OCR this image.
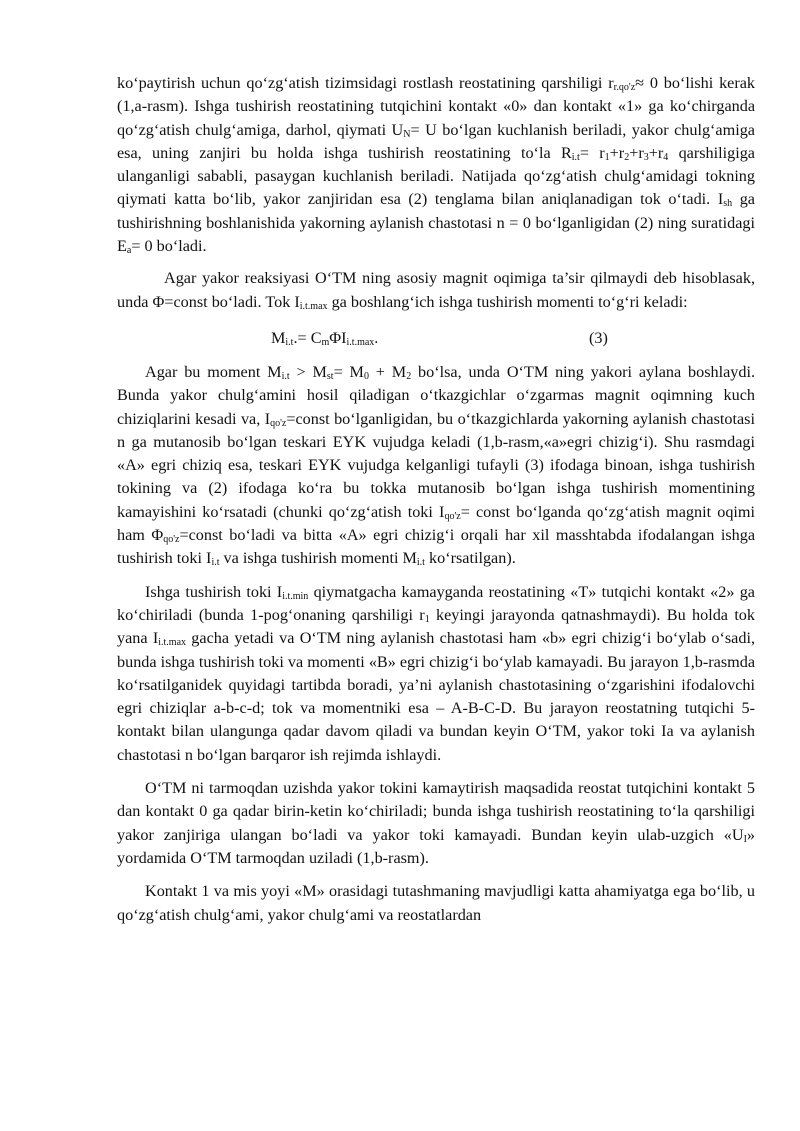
ko‘paytirish uchun qo‘zg‘atish tizimsidagi rostlash reostatining qarshiligi $r_{r.qo'z}\approx 0$ bo‘lishi kerak (1,a-rasm). Ishga tushirish reostatining tutqichini kontakt «0» dan kontakt «1» ga ko‘chirganda qo‘zg‘atish chulg‘amiga, darhol, qiymati $U_N= U$ bo‘lgan kuchlanish beriladi, yakor chulg‘amiga esa, uning zanjiri bu holda ishga tushirish reostatining to‘la $R_{i.t}= r_1+r_2+r_3+r_4$ qarshiligiga ulanganligi sababli, pasaygan kuchlanish beriladi. Natijada qo‘zg‘atish chulg‘amidagi tokning qiymati katta bo‘lib, yakor zanjiridan esa (2) tenglama bilan aniqlanadigan tok o‘tadi. $I_{sh}$ ga tushirishning boshlanishida yakorning aylanish chastotasi n = 0 bo‘lganligidan (2) ning suratidagi $E_a= 0$ bo‘ladi.

Agar yakor reaksiyasi O‘TM ning asosiy magnit oqimiga ta’sir qilmaydi deb hisoblasak, unda Φ=const bo‘ladi. Tok $I_{i.t.max}$ ga boshlang‘ich ishga tushirish momenti to‘g‘ri keladi:

$M_{i.t}.= C_m\Phi I_{i.t.max}$.	(3)

Agar bu moment $M_{i.t} > M_{st}= M_0 + M_2$ bo‘lsa, unda O‘TM ning yakori aylana boshlaydi. Bunda yakor chulg‘amini hosil qiladigan o‘tkazgichlar o‘zgarmas magnit oqimning kuch chiziqlarini kesadi va, $I_{qo'z}=const$ bo‘lganligidan, bu o‘tkazgichlarda yakorning aylanish chastotasi n ga mutanosib bo‘lgan teskari EYK vujudga keladi (1,b-rasm,«a»egri chizig‘i). Shu rasmdagi «A» egri chiziq esa, teskari EYK vujudga kelganligi tufayli (3) ifodaga binoan, ishga tushirish tokining va (2) ifodaga ko‘ra bu tokka mutanosib bo‘lgan ishga tushirish momentining kamayishini ko‘rsatadi (chunki qo‘zg‘atish toki $I_{qo'z}=$ const bo‘lganda qo‘zg‘atish magnit oqimi ham $\Phi_{qo'z}=const$ bo‘ladi va bitta «A» egri chizig‘i orqali har xil masshtabda ifodalangan ishga tushirish toki $I_{i.t}$ va ishga tushirish momenti $M_{i.t}$ ko‘rsatilgan).

Ishga tushirish toki $I_{i.t.min}$ qiymatgacha kamayganda reostatining «T» tutqichi kontakt «2» ga ko‘chiriladi (bunda 1-pog‘onaning qarshiligi $r_1$ keyingi jarayonda qatnashmaydi). Bu holda tok yana $I_{i.t.max}$ gacha yetadi va O‘TM ning aylanish chastotasi ham «b» egri chizig‘i bo‘ylab o‘sadi, bunda ishga tushirish toki va momenti «B» egri chizig‘i bo‘ylab kamayadi. Bu jarayon 1,b-rasmda ko‘rsatilganidek quyidagi tartibda boradi, ya’ni aylanish chastotasining o‘zgarishini ifodalovchi egri chiziqlar a-b-c-d; tok va momentniki esa – A-B-C-D. Bu jarayon reostatning tutqichi 5-kontakt bilan ulangunga qadar davom qiladi va bundan keyin O‘TM, yakor toki Ia va aylanish chastotasi n bo‘lgan barqaror ish rejimda ishlaydi.

O‘TM ni tarmoqdan uzishda yakor tokini kamaytirish maqsadida reostat tutqichini kontakt 5 dan kontakt 0 ga qadar birin-ketin ko‘chiriladi; bunda ishga tushirish reostatining to‘la qarshiligi yakor zanjiriga ulangan bo‘ladi va yakor toki kamayadi. Bundan keyin ulab-uzgich «$U_I$» yordamida O‘TM tarmoqdan uziladi (1,b-rasm).

Kontakt 1 va mis yoyi «M» orasidagi tutashmaning mavjudligi katta ahamiyatga ega bo‘lib, u qo‘zg‘atish chulg‘ami, yakor chulg‘ami va reostatlardan
